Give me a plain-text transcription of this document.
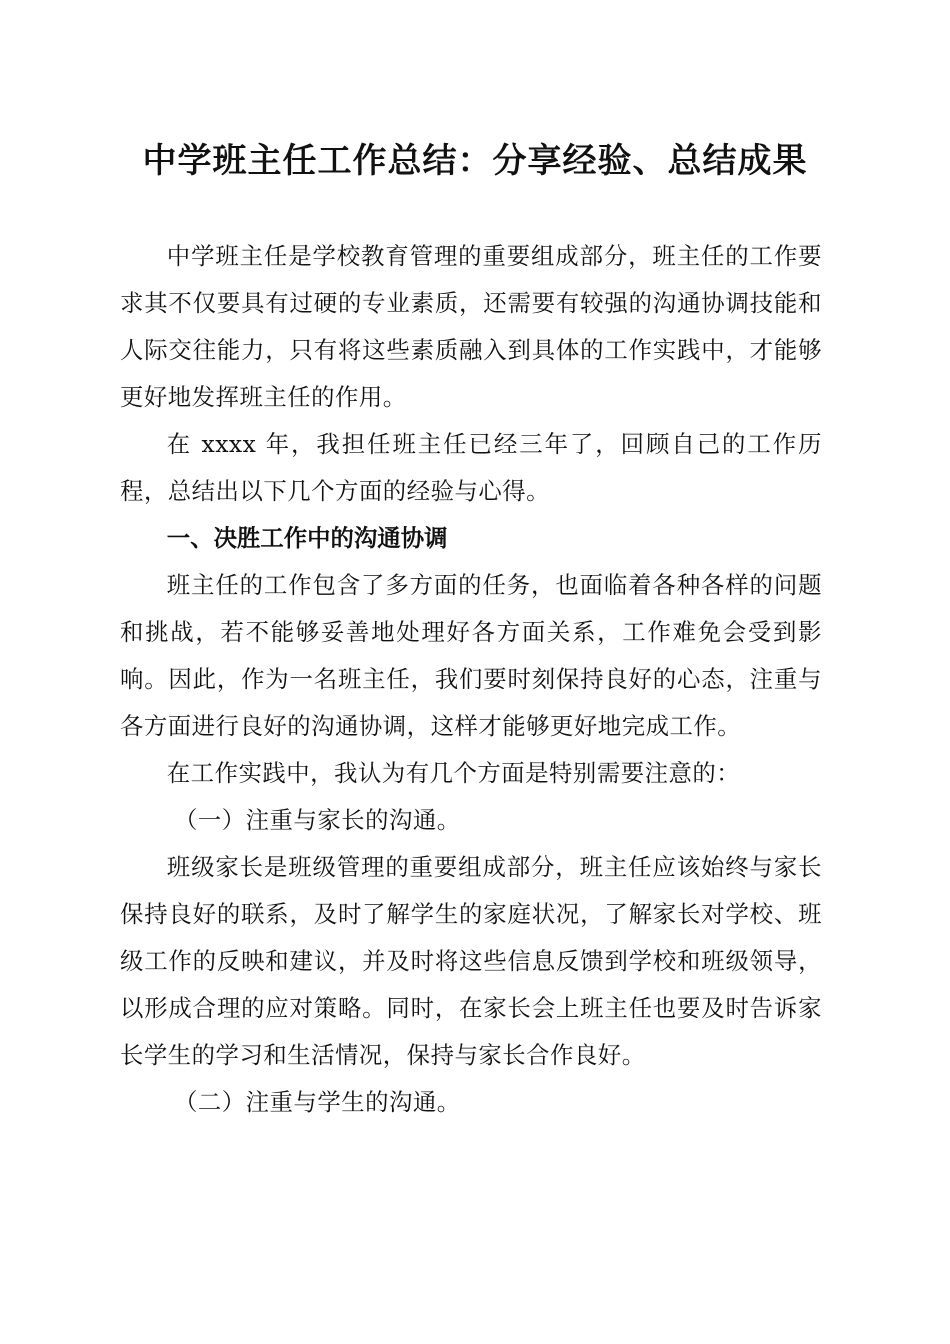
中学班主任工作总结：分享经验、总结成果

中学班主任是学校教育管理的重要组成部分，班主任的工作要求其不仅要具有过硬的专业素质，还需要有较强的沟通协调技能和人际交往能力，只有将这些素质融入到具体的工作实践中，才能够更好地发挥班主任的作用。

在 xxxx 年，我担任班主任已经三年了，回顾自己的工作历程，总结出以下几个方面的经验与心得。

一、决胜工作中的沟通协调

班主任的工作包含了多方面的任务，也面临着各种各样的问题和挑战，若不能够妥善地处理好各方面关系，工作难免会受到影响。因此，作为一名班主任，我们要时刻保持良好的心态，注重与各方面进行良好的沟通协调，这样才能够更好地完成工作。

在工作实践中，我认为有几个方面是特别需要注意的：

（一）注重与家长的沟通。

班级家长是班级管理的重要组成部分，班主任应该始终与家长保持良好的联系，及时了解学生的家庭状况，了解家长对学校、班级工作的反映和建议，并及时将这些信息反馈到学校和班级领导，以形成合理的应对策略。同时，在家长会上班主任也要及时告诉家长学生的学习和生活情况，保持与家长合作良好。

（二）注重与学生的沟通。
